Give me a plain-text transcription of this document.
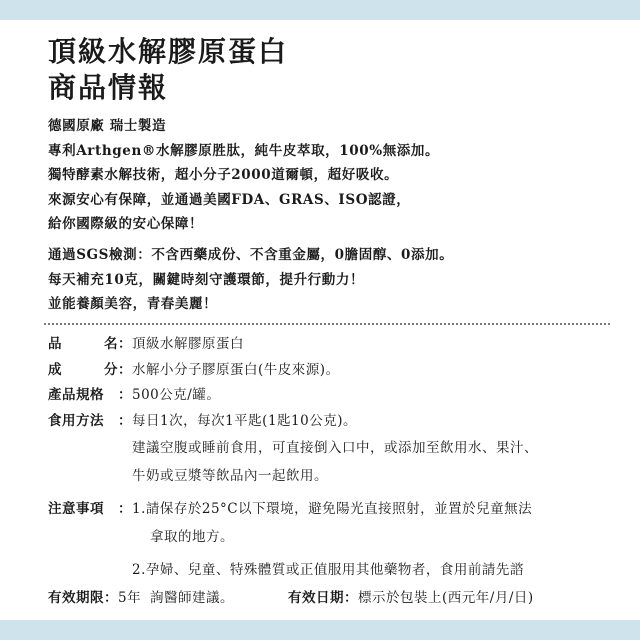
頂級水解膠原蛋白
商品情報
德國原廠 瑞士製造
專利Arthgen®水解膠原胜肽，純牛皮萃取，100%無添加。
獨特酵素水解技術，超小分子2000道爾頓，超好吸收。
來源安心有保障，並通過美國FDA、GRAS、ISO認證，
給你國際級的安心保障！
通過SGS檢測：不含西藥成份、不含重金屬，0膽固醇、0添加。
每天補充10克，關鍵時刻守護環節，提升行動力！
並能養顏美容，青春美麗！
品	名 ： 頂級水解膠原蛋白
成	分 ： 水解小分子膠原蛋白(牛皮來源)。
產品規格	： 500公克/罐。
食用方法	： 每日1次，每次1平匙(1匙10公克)。
建議空腹或睡前食用，可直接倒入口中，或添加至飲用水、果汁、
牛奶或豆漿等飲品內一起飲用。
注意事項	： 1.請保存於25°C以下環境，避免陽光直接照射，並置於兒童無法
拿取的地方。
2.孕婦、兒童、特殊體質或正值服用其他藥物者，食用前請先諮
詢醫師建議。
有效期限 ： 5年	有效日期 ： 標示於包裝上(西元年/月/日)
